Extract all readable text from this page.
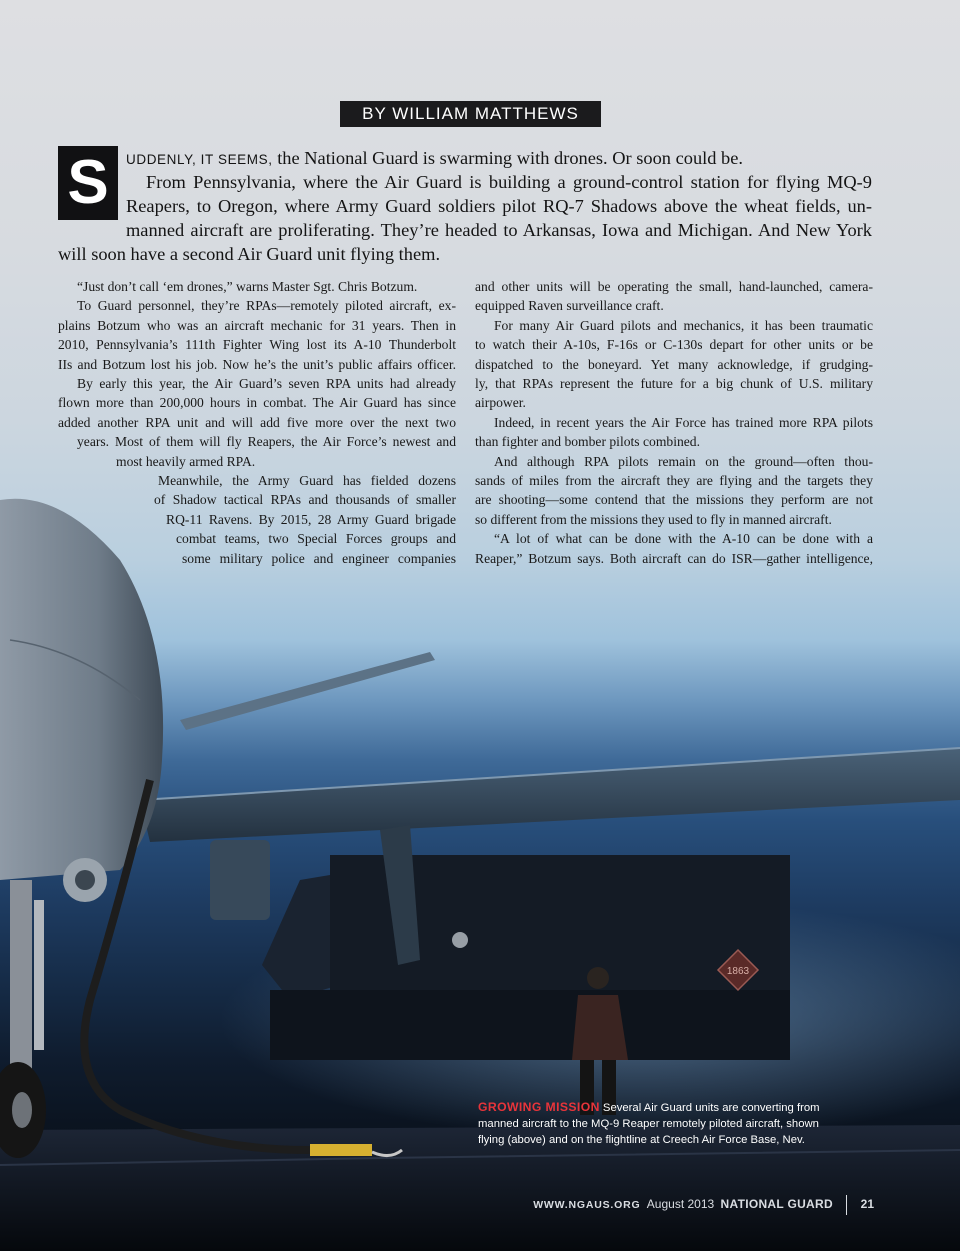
1863
BY WILLIAM MATTHEWS
S	UDDENLY, IT SEEMS, the National Guard is swarming with drones. Or soon could be.
From Pennsylvania, where the Air Guard is building a ground-control station for flying MQ-9
Reapers, to Oregon, where Army Guard soldiers pilot RQ-7 Shadows above the wheat fields, un-
manned aircraft are proliferating. They’re headed to Arkansas, Iowa and Michigan. And New York
will soon have a second Air Guard unit flying them.
“Just don’t call ‘em drones,” warns Master Sgt. Chris Botzum.
To Guard personnel, they’re RPAs—remotely piloted aircraft, ex-
plains Botzum who was an aircraft mechanic for 31 years. Then in
2010, Pennsylvania’s 111th Fighter Wing lost its A-10 Thunderbolt
IIs and Botzum lost his job. Now he’s the unit’s public affairs officer.
By early this year, the Air Guard’s seven RPA units had already
flown more than 200,000 hours in combat. The Air Guard has since
added another RPA unit and will add five more over the next two
years. Most of them will fly Reapers, the Air Force’s newest and
most heavily armed RPA.
Meanwhile, the Army Guard has fielded dozens
of Shadow tactical RPAs and thousands of smaller
RQ-11 Ravens. By 2015, 28 Army Guard brigade
combat teams, two Special Forces groups and
some military police and engineer companies
and other units will be operating the small, hand-launched, camera-
equipped Raven surveillance craft.
For many Air Guard pilots and mechanics, it has been traumatic
to watch their A-10s, F-16s or C-130s depart for other units or be
dispatched to the boneyard. Yet many acknowledge, if grudging-
ly, that RPAs represent the future for a big chunk of U.S. military
airpower.
Indeed, in recent years the Air Force has trained more RPA pilots
than fighter and bomber pilots combined.
And although RPA pilots remain on the ground—often thou-
sands of miles from the aircraft they are flying and the targets they
are shooting—some contend that the missions they perform are not
so different from the missions they used to fly in manned aircraft.
“A lot of what can be done with the A-10 can be done with a
Reaper,” Botzum says. Both aircraft can do ISR—gather intelligence,
GROWING MISSION Several Air Guard units are converting from
manned aircraft to the MQ-9 Reaper remotely piloted aircraft, shown
flying (above) and on the flightline at Creech Air Force Base, Nev.
WWW.NGAUS.ORG August 2013 NATIONAL GUARD 21
